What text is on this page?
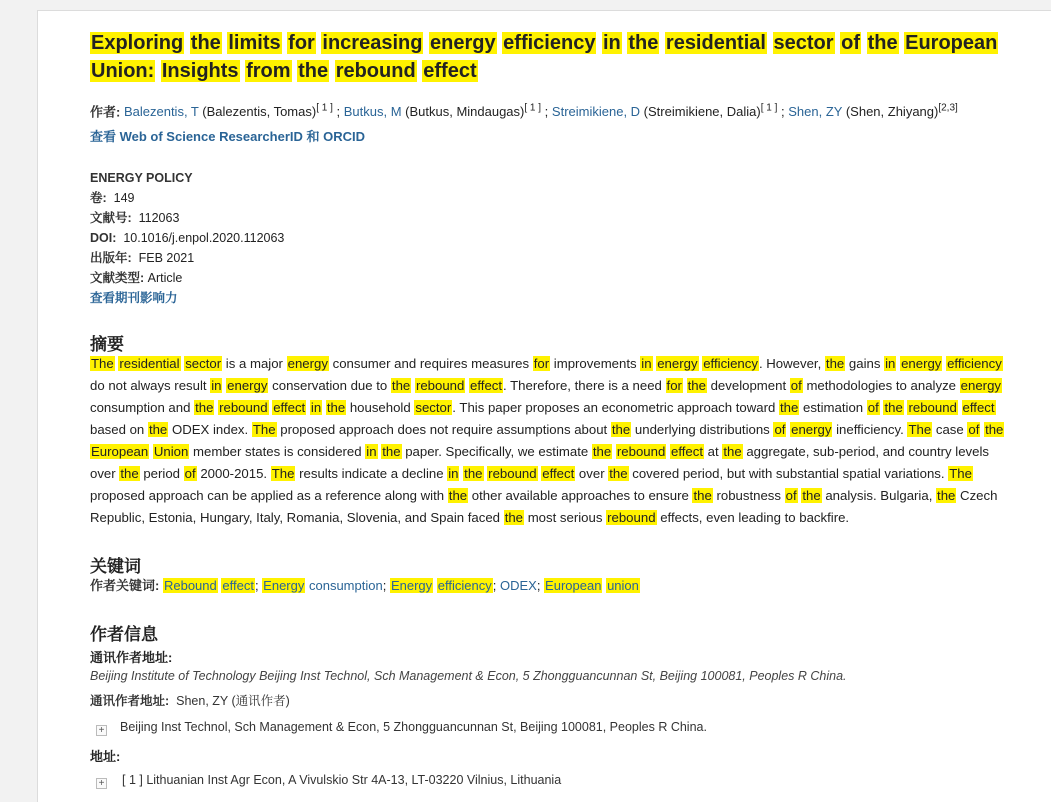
Exploring the limits for increasing energy efficiency in the residential sector of the European Union: Insights from the rebound effect
作者: Balezentis, T (Balezentis, Tomas)[ 1 ] ; Butkus, M (Butkus, Mindaugas)[ 1 ] ; Streimikiene, D (Streimikiene, Dalia)[ 1 ] ; Shen, ZY (Shen, Zhiyang)[2,3]
查看 Web of Science ResearcherID 和 ORCID
ENERGY POLICY
卷: 149
文献号: 112063
DOI: 10.1016/j.enpol.2020.112063
出版年: FEB 2021
文献类型: Article
查看期刊影响力
摘要
The residential sector is a major energy consumer and requires measures for improvements in energy efficiency. However, the gains in energy efficiency do not always result in energy conservation due to the rebound effect. Therefore, there is a need for the development of methodologies to analyze energy consumption and the rebound effect in the household sector. This paper proposes an econometric approach toward the estimation of the rebound effect based on the ODEX index. The proposed approach does not require assumptions about the underlying distributions of energy inefficiency. The case of the European Union member states is considered in the paper. Specifically, we estimate the rebound effect at the aggregate, sub-period, and country levels over the period of 2000-2015. The results indicate a decline in the rebound effect over the covered period, but with substantial spatial variations. The proposed approach can be applied as a reference along with the other available approaches to ensure the robustness of the analysis. Bulgaria, the Czech Republic, Estonia, Hungary, Italy, Romania, Slovenia, and Spain faced the most serious rebound effects, even leading to backfire.
关键词
作者关键词: Rebound effect; Energy consumption; Energy efficiency; ODEX; European union
作者信息
通讯作者地址:
Beijing Institute of Technology Beijing Inst Technol, Sch Management & Econ, 5 Zhongguancunnan St, Beijing 100081, Peoples R China.
通讯作者地址: Shen, ZY (通讯作者)
+ Beijing Inst Technol, Sch Management & Econ, 5 Zhongguancunnan St, Beijing 100081, Peoples R China.
地址:
+ [ 1 ] Lithuanian Inst Agr Econ, A Vivulskio Str 4A-13, LT-03220 Vilnius, Lithuania
